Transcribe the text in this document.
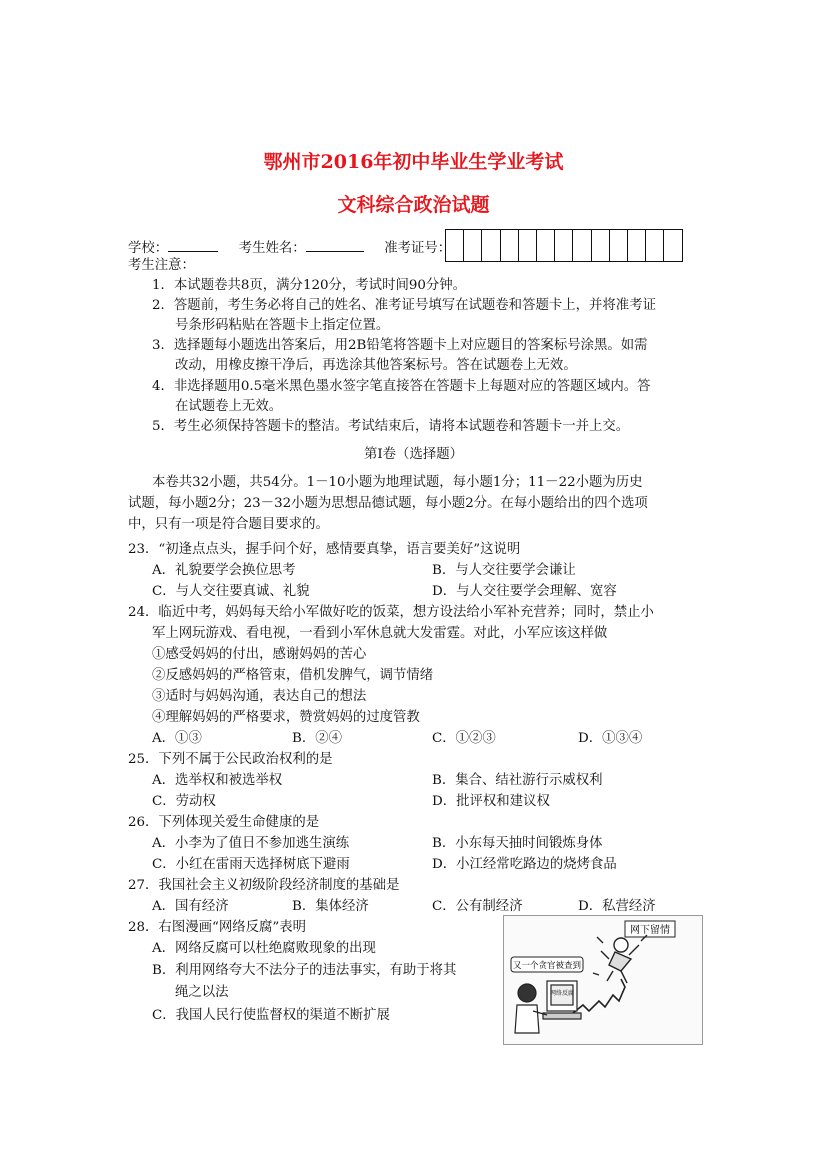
鄂州市2016年初中毕业生学业考试
文科综合政治试题
学校：	考生姓名：	准考证号：
考生注意：
1．本试题卷共8页，满分120分，考试时间90分钟。
2．答题前，考生务必将自己的姓名、准考证号填写在试题卷和答题卡上，并将准考证
号条形码粘贴在答题卡上指定位置。
3．选择题每小题选出答案后，用2B铅笔将答题卡上对应题目的答案标号涂黑。如需
改动，用橡皮擦干净后，再选涂其他答案标号。答在试题卷上无效。
4．非选择题用0.5毫米黑色墨水签字笔直接答在答题卡上每题对应的答题区域内。答
在试题卷上无效。
5．考生必须保持答题卡的整洁。考试结束后，请将本试题卷和答题卡一并上交。
第Ⅰ卷（选择题）
本卷共32小题，共54分。1－10小题为地理试题，每小题1分；11－22小题为历史
试题，每小题2分；23－32小题为思想品德试题，每小题2分。在每小题给出的四个选项
中，只有一项是符合题目要求的。
23．“初逢点点头，握手问个好，感情要真挚，语言要美好”这说明
A．礼貌要学会换位思考	B．与人交往要学会谦让
C．与人交往要真诚、礼貌	D．与人交往要学会理解、宽容
24．临近中考，妈妈每天给小军做好吃的饭菜，想方设法给小军补充营养；同时，禁止小
军上网玩游戏、看电视，一看到小军休息就大发雷霆。对此，小军应该这样做
①感受妈妈的付出，感谢妈妈的苦心
②反感妈妈的严格管束，借机发脾气，调节情绪
③适时与妈妈沟通，表达自己的想法
④理解妈妈的严格要求，赞赏妈妈的过度管教
A．①③	B．②④	C．①②③	D．①③④
25．下列不属于公民政治权利的是
A．选举权和被选举权	B．集合、结社游行示威权利
C．劳动权	D．批评权和建议权
26．下列体现关爱生命健康的是
A．小李为了值日不参加逃生演练	B．小东每天抽时间锻炼身体
C．小红在雷雨天选择树底下避雨	D．小江经常吃路边的烧烤食品
27．我国社会主义初级阶段经济制度的基础是
A．国有经济	B．集体经济	C．公有制经济	D．私营经济
28．右图漫画“网络反腐”表明
A．网络反腐可以杜绝腐败现象的出现
B．利用网络夸大不法分子的违法事实，有助于将其
绳之以法
C．我国人民行使监督权的渠道不断扩展
网下留情
又一个贪官被查到
网络反腐
